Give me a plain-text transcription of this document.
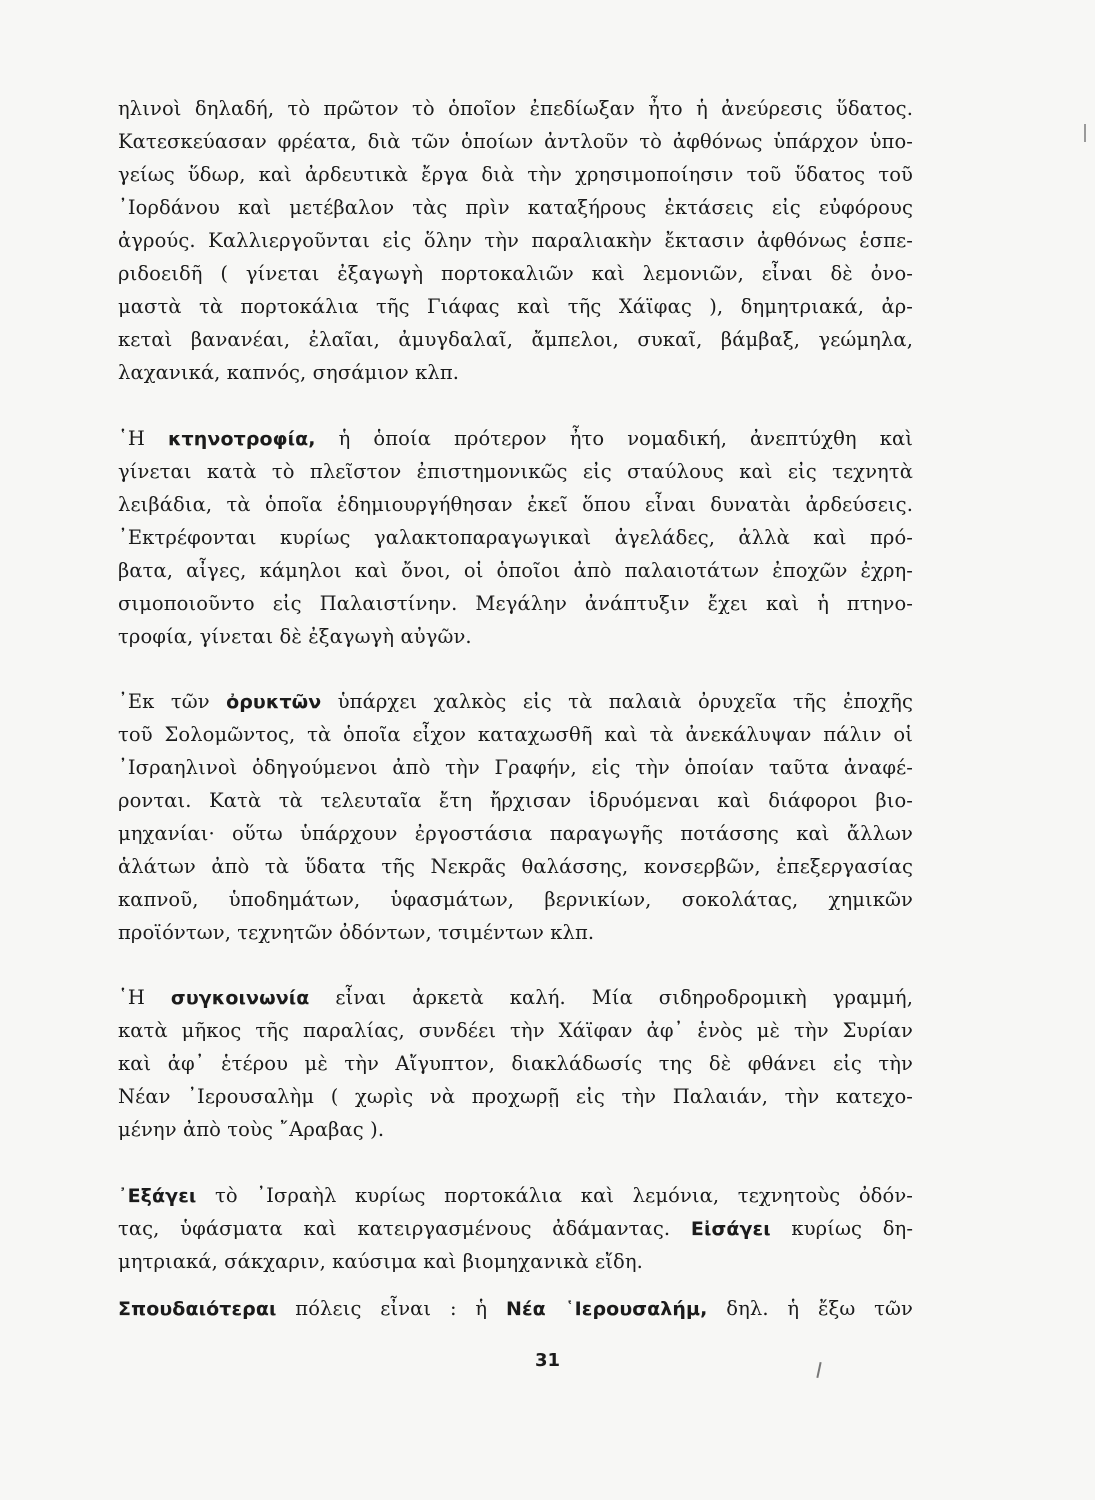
ηλινοὶ δηλαδή, τὸ πρῶτον τὸ ὁποῖον ἐπεδίωξαν ἦτο ἡ ἀνεύρεσις ὕδατος.
Κατεσκεύασαν φρέατα, διὰ τῶν ὁποίων ἀντλοῦν τὸ ἀφθόνως ὑπάρχον ὑπο-
γείως ὕδωρ, καὶ ἀρδευτικὰ ἔργα διὰ τὴν χρησιμοποίησιν τοῦ ὕδατος τοῦ
᾿Ιορδάνου καὶ μετέβαλον τὰς πρὶν καταξήρους ἐκτάσεις εἰς εὐφόρους
ἀγρούς. Καλλιεργοῦνται εἰς ὅλην τὴν παραλιακὴν ἔκτασιν ἀφθόνως ἑσπε-
ριδοειδῆ ( γίνεται ἐξαγωγὴ πορτοκαλιῶν καὶ λεμονιῶν, εἶναι δὲ ὀνο-
μαστὰ τὰ πορτοκάλια τῆς Γιάφας καὶ τῆς Χάϊφας ), δημητριακά, ἀρ-
κεταὶ βανανέαι, ἐλαῖαι, ἀμυγδαλαῖ, ἄμπελοι, συκαῖ, βάμβαξ, γεώμηλα,
λαχανικά, καπνός, σησάμιον κλπ.
῾Η κτηνοτροφία, ἡ ὁποία πρότερον ἦτο νομαδική, ἀνεπτύχθη καὶ
γίνεται κατὰ τὸ πλεῖστον ἐπιστημονικῶς εἰς σταύλους καὶ εἰς τεχνητὰ
λειβάδια, τὰ ὁποῖα ἐδημιουργήθησαν ἐκεῖ ὅπου εἶναι δυνατὰι ἀρδεύσεις.
᾿Εκτρέφονται κυρίως γαλακτοπαραγωγικαὶ ἀγελάδες, ἀλλὰ καὶ πρό-
βατα, αἶγες, κάμηλοι καὶ ὄνοι, οἱ ὁποῖοι ἀπὸ παλαιοτάτων ἐποχῶν ἐχρη-
σιμοποιοῦντο εἰς Παλαιστίνην. Μεγάλην ἀνάπτυξιν ἔχει καὶ ἡ πτηνο-
τροφία, γίνεται δὲ ἐξαγωγὴ αὐγῶν.
᾿Εκ τῶν ὀρυκτῶν ὑπάρχει χαλκὸς εἰς τὰ παλαιὰ ὀρυχεῖα τῆς ἐποχῆς
τοῦ Σολομῶντος, τὰ ὁποῖα εἶχον καταχωσθῆ καὶ τὰ ἀνεκάλυψαν πάλιν οἱ
᾿Ισραηλινοὶ ὁδηγούμενοι ἀπὸ τὴν Γραφήν, εἰς τὴν ὁποίαν ταῦτα ἀναφέ-
ρονται. Κατὰ τὰ τελευταῖα ἔτη ἤρχισαν ἱδρυόμεναι καὶ διάφοροι βιο-
μηχανίαι· οὕτω ὑπάρχουν ἐργοστάσια παραγωγῆς ποτάσσης καὶ ἄλλων
ἁλάτων ἀπὸ τὰ ὕδατα τῆς Νεκρᾶς θαλάσσης, κονσερβῶν, ἐπεξεργασίας
καπνοῦ, ὑποδημάτων, ὑφασμάτων, βερνικίων, σοκολάτας, χημικῶν
προϊόντων, τεχνητῶν ὀδόντων, τσιμέντων κλπ.
῾Η συγκοινωνία εἶναι ἀρκετὰ καλή. Μία σιδηροδρομικὴ γραμμή,
κατὰ μῆκος τῆς παραλίας, συνδέει τὴν Χάϊφαν ἀφ᾿ ἑνὸς μὲ τὴν Συρίαν
καὶ ἀφ᾿ ἑτέρου μὲ τὴν Αἴγυπτον, διακλάδωσίς της δὲ φθάνει εἰς τὴν
Νέαν ᾿Ιερουσαλὴμ ( χωρὶς νὰ προχωρῇ εἰς τὴν Παλαιάν, τὴν κατεχο-
μένην ἀπὸ τοὺς ῎Αραβας ).
᾿Εξάγει τὸ ᾿Ισραὴλ κυρίως πορτοκάλια καὶ λεμόνια, τεχνητοὺς ὀδόν-
τας, ὑφάσματα καὶ κατειργασμένους ἀδάμαντας. Εἰσάγει κυρίως δη-
μητριακά, σάκχαριν, καύσιμα καὶ βιομηχανικὰ εἴδη.
Σπουδαιότεραι πόλεις εἶναι : ἡ Νέα ῾Ιερουσαλήμ, δηλ. ἡ ἔξω τῶν
31
